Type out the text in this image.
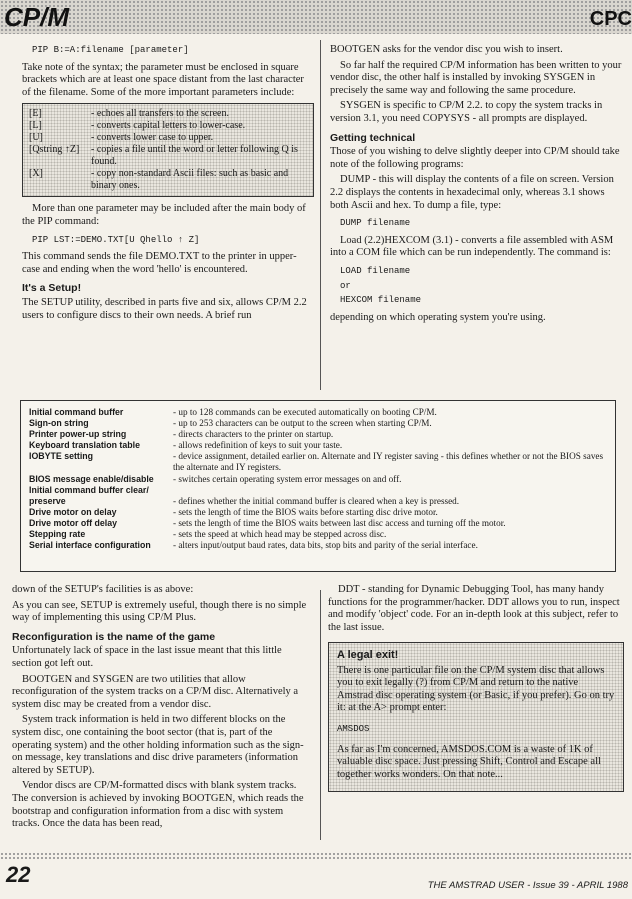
CP/M	CPC
PIP B:=A:filename [parameter]

Take note of the syntax; the parameter must be enclosed in square brackets which are at least one space distant from the last character of the filename. Some of the more important parameters include:

[E]	- echoes all transfers to the screen.
[L]	- converts capital letters to lower-case.
[U]	- converts lower case to upper.
[Qstring ↑Z]	- copies a file until the word or letter following Q is found.
[X]	- copy non-standard Ascii files: such as basic and binary ones.

More than one parameter may be included after the main body of the PIP command:

PIP LST:=DEMO.TXT[U Qhello ↑ Z]

This command sends the file DEMO.TXT to the printer in upper-case and ending when the word 'hello' is encountered.

It's a Setup!

The SETUP utility, described in parts five and six, allows CP/M 2.2 users to configure discs to their own needs. A brief run

BOOTGEN asks for the vendor disc you wish to insert.

So far half the required CP/M information has been written to your vendor disc, the other half is installed by invoking SYSGEN in precisely the same way and following the same procedure.

SYSGEN is specific to CP/M 2.2. to copy the system tracks in version 3.1, you need COPYSYS - all prompts are displayed.

Getting technical

Those of you wishing to delve slightly deeper into CP/M should take note of the following programs:

DUMP - this will display the contents of a file on screen. Version 2.2 displays the contents in hexadecimal only, whereas 3.1 shows both Ascii and hex. To dump a file, type:

DUMP filename

Load (2.2)HEXCOM (3.1) - converts a file assembled with ASM into a COM file which can be run independently. The command is:

LOAD filename
or
HEXCOM filename

depending on which operating system you're using.

Initial command buffer	- up to 128 commands can be executed automatically on booting CP/M.
Sign-on string	- up to 253 characters can be output to the screen when starting CP/M.
Printer power-up string	- directs characters to the printer on startup.
Keyboard translation table	- allows redefinition of keys to suit your taste.
IOBYTE setting	- device assignment, detailed earlier on. Alternate and IY register saving - this defines whether or not the BIOS saves the alternate and IY registers.
BIOS message enable/disable	- switches certain operating system error messages on and off.
Initial command buffer clear/
preserve	- defines whether the initial command buffer is cleared when a key is pressed.
Drive motor on delay	- sets the length of time the BIOS waits before starting disc drive motor.
Drive motor off delay	- sets the length of time the BIOS waits between last disc access and turning off the motor.
Stepping rate	- sets the speed at which head may be stepped across disc.
Serial interface configuration	- alters input/output baud rates, data bits, stop bits and parity of the serial interface.

down of the SETUP's facilities is as above:

As you can see, SETUP is extremely useful, though there is no simple way of implementing this using CP/M Plus.

Reconfiguration is the name of the game

Unfortunately lack of space in the last issue meant that this little section got left out.

BOOTGEN and SYSGEN are two utilities that allow reconfiguration of the system tracks on a CP/M disc. Alternatively a system disc may be created from a vendor disc.

System track information is held in two different blocks on the system disc, one containing the boot sector (that is, part of the operating system) and the other holding information such as the sign-on message, key translations and disc drive parameters (information altered by SETUP).

Vendor discs are CP/M-formatted discs with blank system tracks. The conversion is achieved by invoking BOOTGEN, which reads the bootstrap and configuration information from a disc with system tracks. Once the data has been read,

DDT - standing for Dynamic Debugging Tool, has many handy functions for the programmer/hacker. DDT allows you to run, inspect and modify 'object' code. For an in-depth look at this subject, refer to the last issue.

A legal exit!

There is one particular file on the CP/M system disc that allows you to exit legally (?) from CP/M and return to the native Amstrad disc operating system (or Basic, if you prefer). Go on try it: at the A> prompt enter:

AMSDOS

As far as I'm concerned, AMSDOS.COM is a waste of 1K of valuable disc space. Just pressing Shift, Control and Escape all together works wonders. On that note...

22	THE AMSTRAD USER - Issue 39 - APRIL 1988
